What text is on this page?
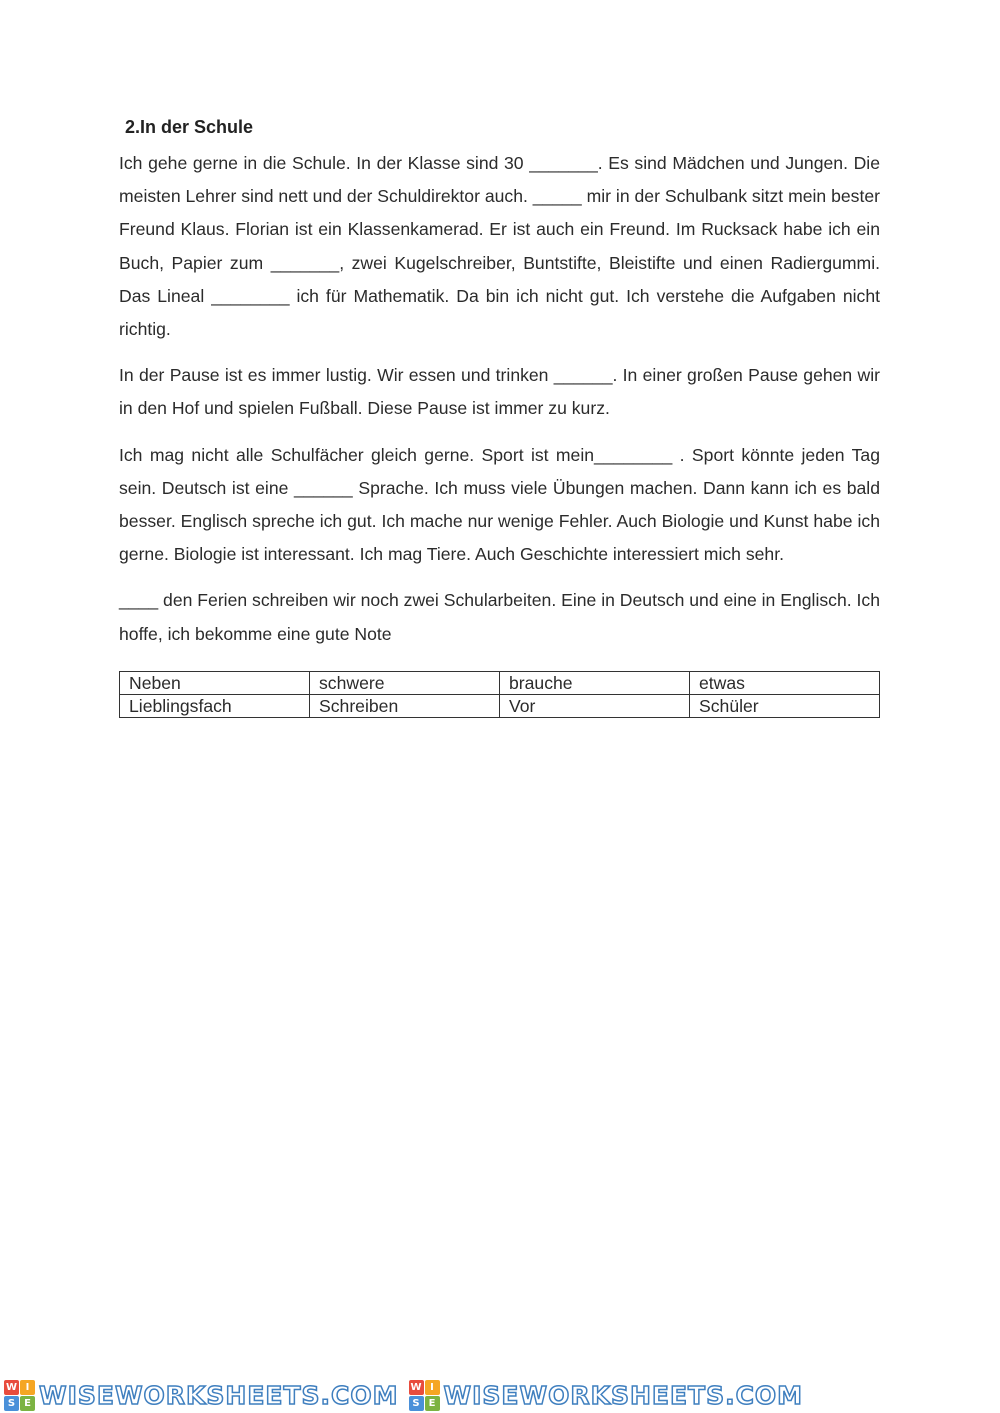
2.In der Schule

Ich gehe gerne in die Schule. In der Klasse sind 30 _______. Es sind Mädchen und Jungen. Die meisten Lehrer sind nett und der Schuldirektor auch. _____ mir in der Schulbank sitzt mein bester Freund Klaus. Florian ist ein Klassenkamerad. Er ist auch ein Freund. Im Rucksack habe ich ein Buch, Papier zum _______, zwei Kugelschreiber, Buntstifte, Bleistifte und einen Radiergummi. Das Lineal ________ ich für Mathematik. Da bin ich nicht gut. Ich verstehe die Aufgaben nicht richtig.

In der Pause ist es immer lustig. Wir essen und trinken ______. In einer großen Pause gehen wir in den Hof und spielen Fußball. Diese Pause ist immer zu kurz.

Ich mag nicht alle Schulfächer gleich gerne. Sport ist mein________ . Sport könnte jeden Tag sein. Deutsch ist eine ______ Sprache. Ich muss viele Übungen machen. Dann kann ich es bald besser. Englisch spreche ich gut. Ich mache nur wenige Fehler. Auch Biologie und Kunst habe ich gerne. Biologie ist interessant. Ich mag Tiere. Auch Geschichte interessiert mich sehr.

____ den Ferien schreiben wir noch zwei Schularbeiten. Eine in Deutsch und eine in Englisch. Ich hoffe, ich bekomme eine gute Note

Neben	schwere	brauche	etwas
Lieblingsfach	Schreiben	Vor	Schüler
W I
S E WISEWORKSHEETS.COM W I
S E WISEWORKSHEETS.COM
